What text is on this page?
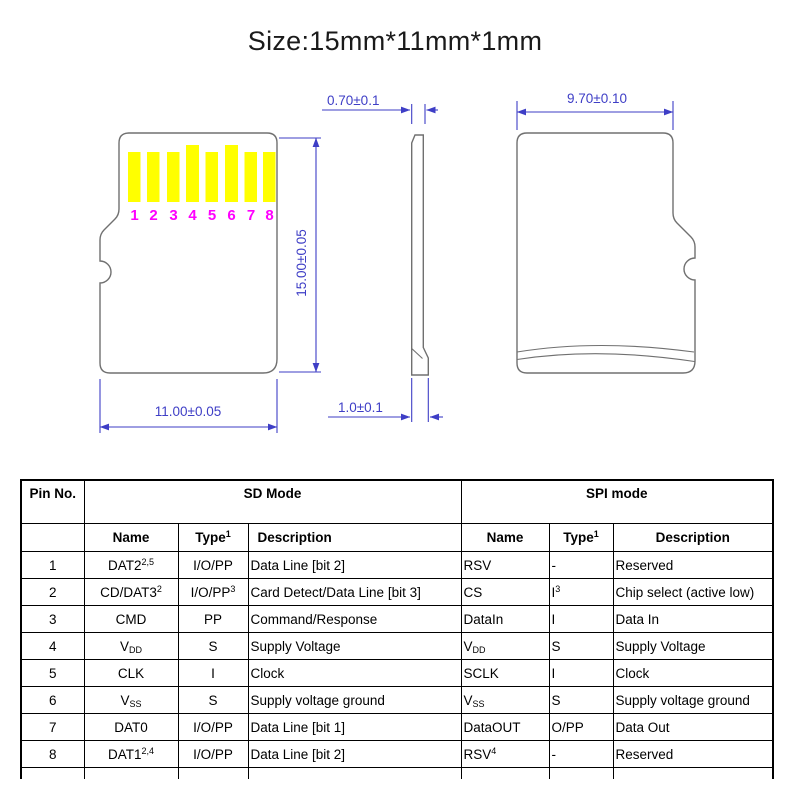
Size:15mm*11mm*1mm
1 2 3 4 5 6 7 8
15.00±0.05
11.00±0.05
0.70±0.1
1.0±0.1
9.70±0.10
Pin No.	SD Mode			SPI mode		
	Name	Type$^1$	Description	Name	Type$^1$	Description
1	DAT2$^{2,5}$	I/O/PP	Data Line [bit 2]	RSV	-	Reserved
2	$CD/DAT3^2$	$I/O/PP^3$	Card Detect/Data Line [bit 3]	CS	$I^3$	Chip select (active low)
3	CMD	PP	Command/Response	DataIn	I	Data In
4	$V_{DD}$	S	Supply Voltage	$V_{DD}$	S	Supply Voltage
5	CLK	I	Clock	SCLK	I	Clock
6	$V_{SS}$	S	Supply voltage ground	$V_{SS}$	S	Supply voltage ground
7	DAT0	I/O/PP	Data Line [bit 1]	DataOUT	O/PP	Data Out
8	DAT1$^{2,4}$	I/O/PP	Data Line [bit 2]	RSV$^4$	-	Reserved
